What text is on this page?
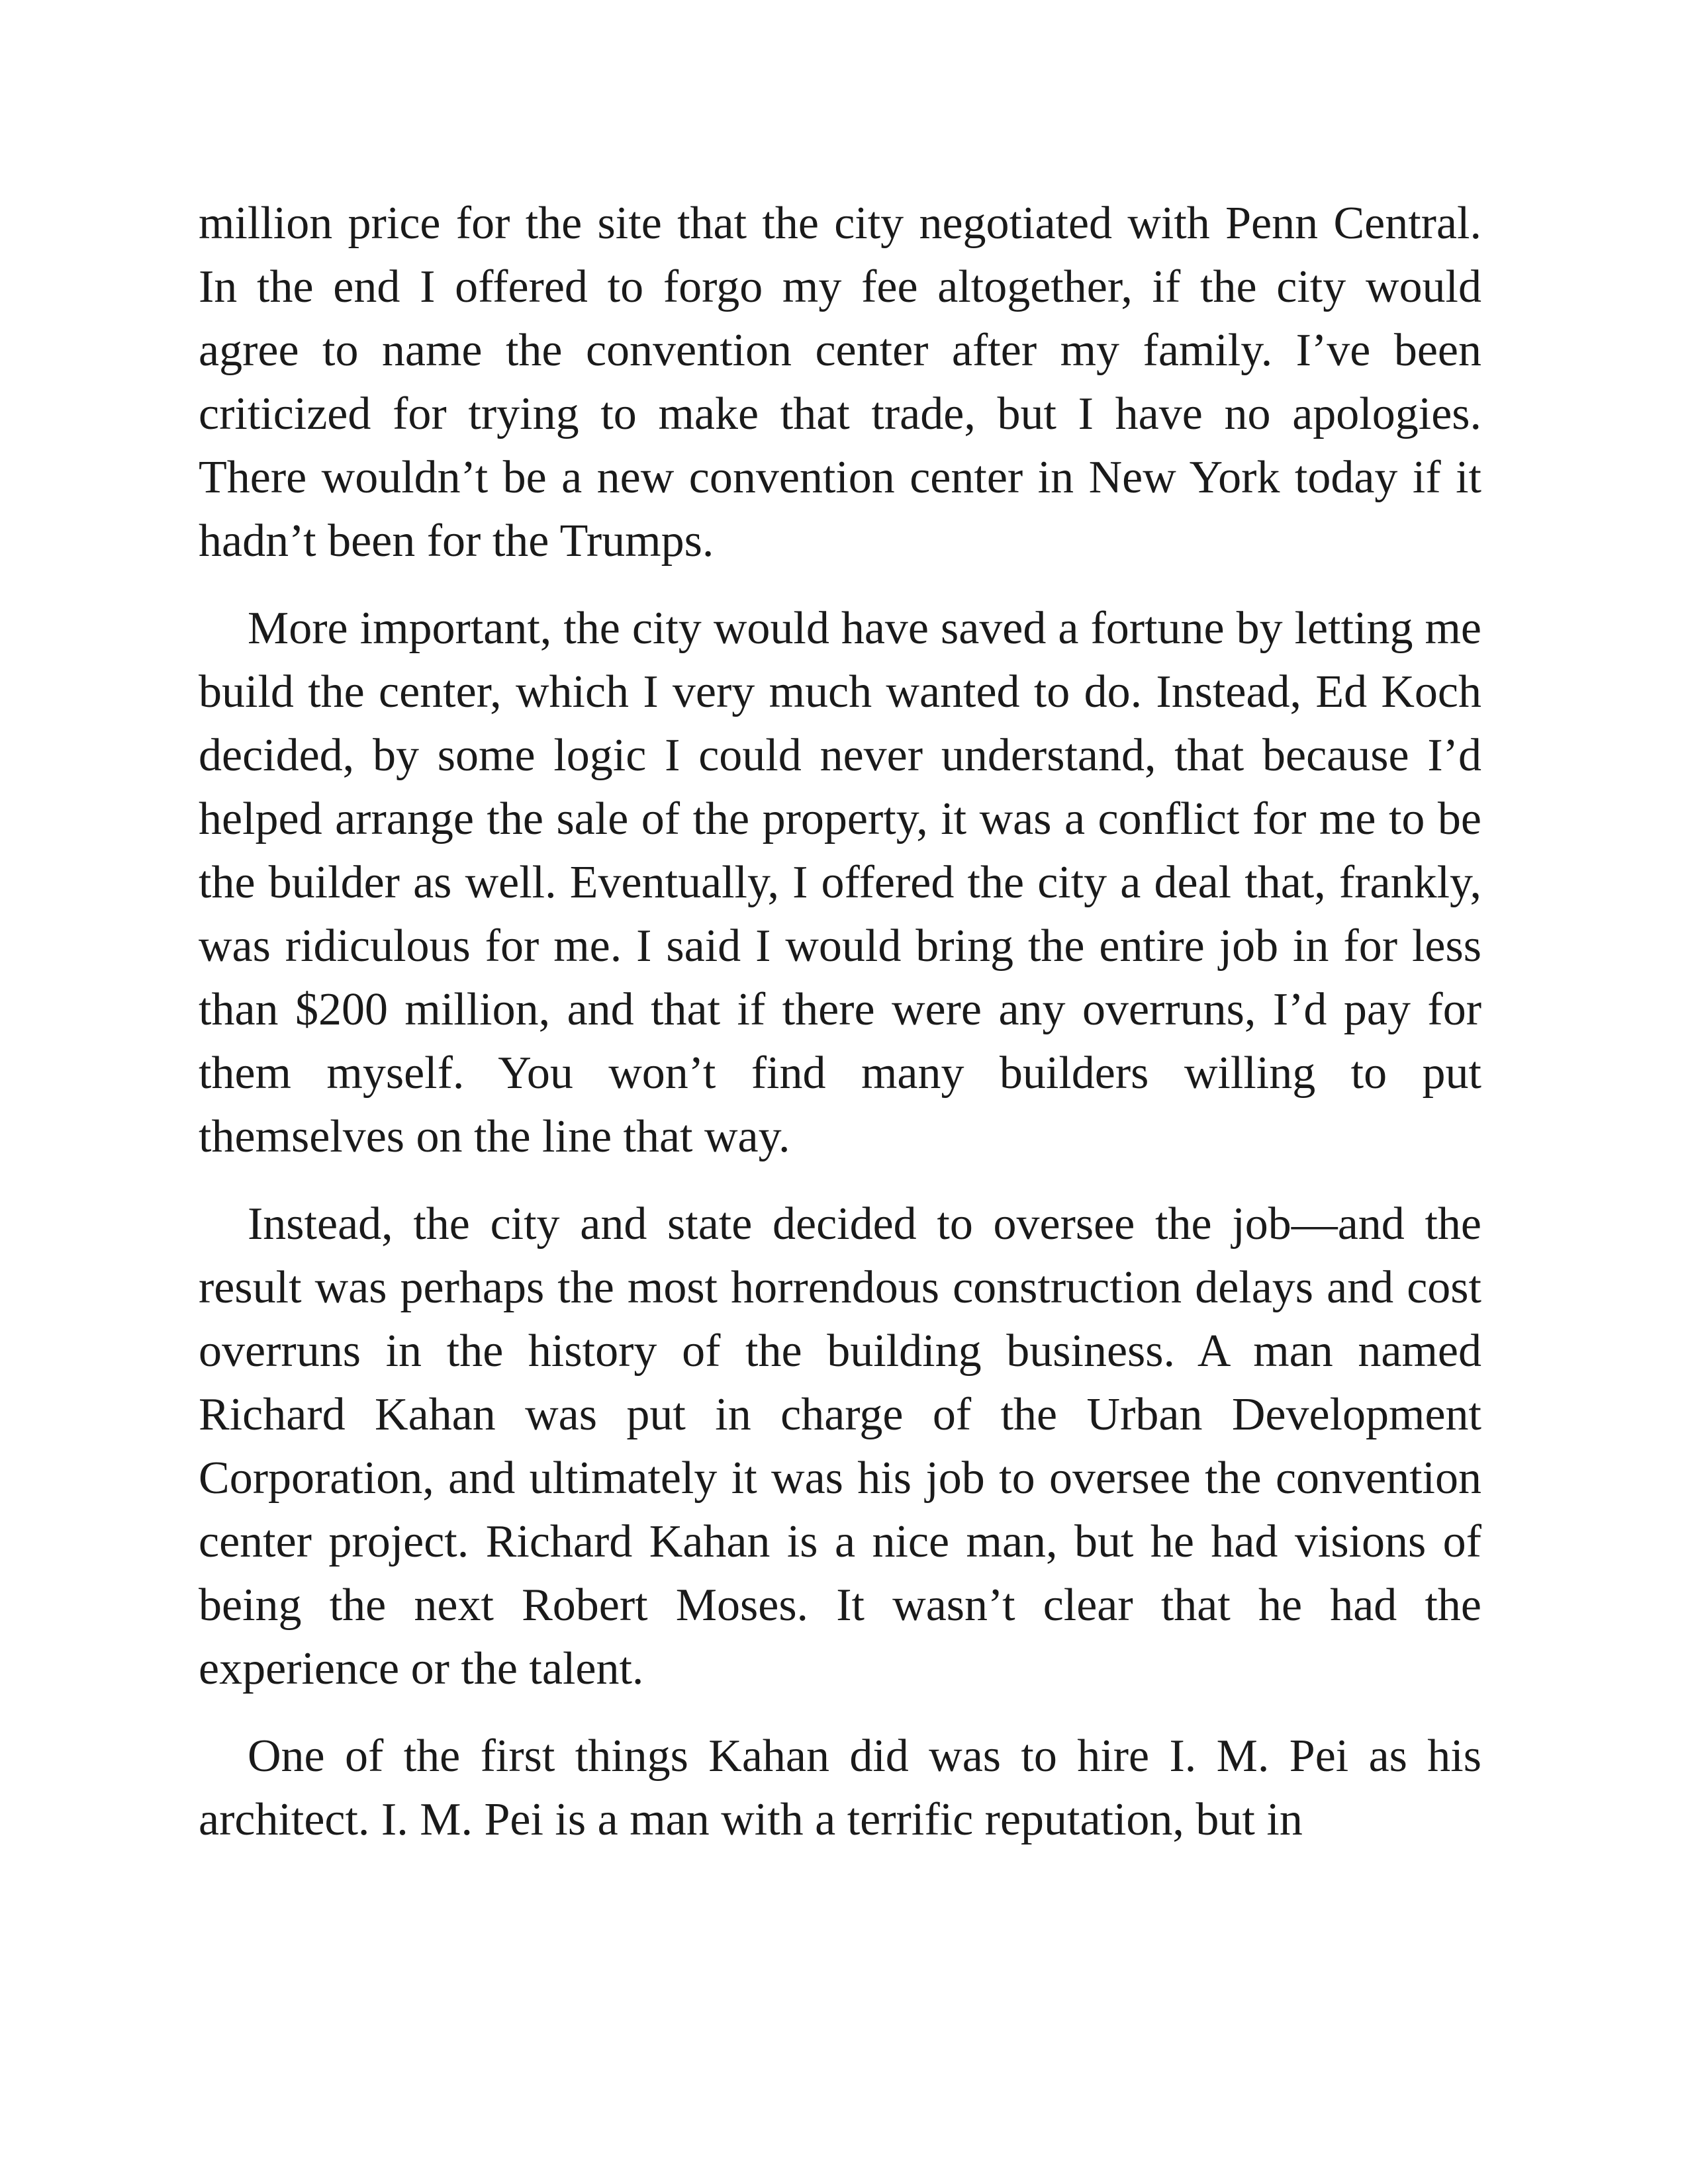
million price for the site that the city negotiated with Penn Central. In the end I offered to forgo my fee altogether, if the city would agree to name the convention center after my family. I’ve been criticized for trying to make that trade, but I have no apologies. There wouldn’t be a new convention center in New York today if it hadn’t been for the Trumps.

More important, the city would have saved a fortune by letting me build the center, which I very much wanted to do. Instead, Ed Koch decided, by some logic I could never understand, that because I’d helped arrange the sale of the property, it was a conflict for me to be the builder as well. Eventually, I offered the city a deal that, frankly, was ridiculous for me. I said I would bring the entire job in for less than $200 million, and that if there were any overruns, I’d pay for them myself. You won’t find many builders willing to put themselves on the line that way.

Instead, the city and state decided to oversee the job—and the result was perhaps the most horrendous construction delays and cost overruns in the history of the building business. A man named Richard Kahan was put in charge of the Urban Development Corporation, and ultimately it was his job to oversee the convention center project. Richard Kahan is a nice man, but he had visions of being the next Robert Moses. It wasn’t clear that he had the experience or the talent.

One of the first things Kahan did was to hire I. M. Pei as his architect. I. M. Pei is a man with a terrific reputation, but in
